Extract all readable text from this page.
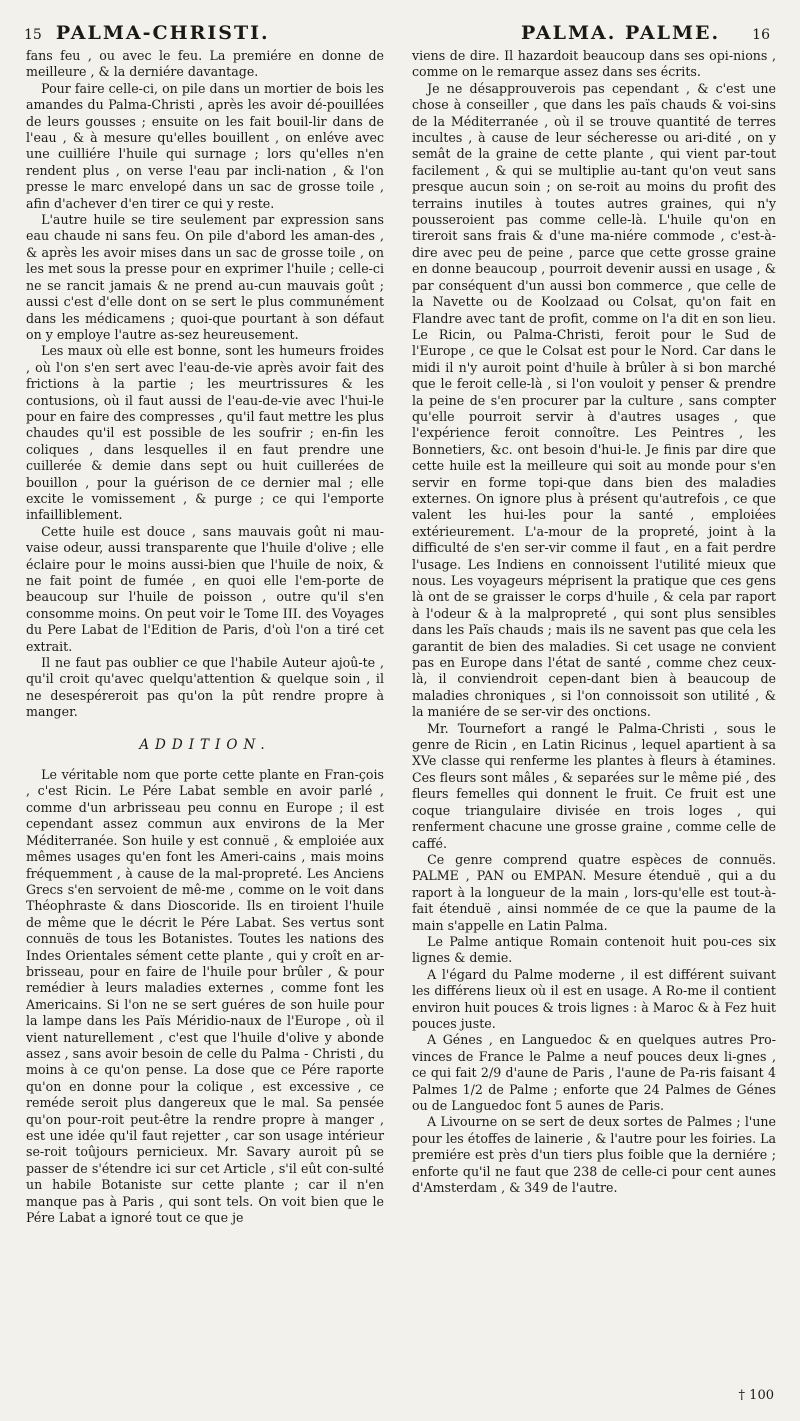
15 PALMA-CHRISTI.	PALMA. PALME. 16

fans feu , ou avec le feu. La premiére en donne de meilleure , & la derniére davantage.

Pour faire celle-ci, on pile dans un mortier de bois les amandes du Palma-Christi , après les avoir dé-pouillées de leurs gousses ; ensuite on les fait bouil-lir dans de l'eau , & à mesure qu'elles bouillent , on enléve avec une cuilliére l'huile qui surnage ; lors qu'elles n'en rendent plus , on verse l'eau par incli-nation , & l'on presse le marc envelopé dans un sac de grosse toile , afin d'achever d'en tirer ce qui y reste.

L'autre huile se tire seulement par expression sans eau chaude ni sans feu. On pile d'abord les aman-des , & après les avoir mises dans un sac de grosse toile , on les met sous la presse pour en exprimer l'huile ; celle-ci ne se rancit jamais & ne prend au-cun mauvais goût ; aussi c'est d'elle dont on se sert le plus communément dans les médicamens ; quoi-que pourtant à son défaut on y employe l'autre as-sez heureusement.

Les maux où elle est bonne, sont les humeurs froides , où l'on s'en sert avec l'eau-de-vie après avoir fait des frictions à la partie ; les meurtrissures & les contusions, où il faut aussi de l'eau-de-vie avec l'hui-le pour en faire des compresses , qu'il faut mettre les plus chaudes qu'il est possible de les soufrir ; en-fin les coliques , dans lesquelles il en faut prendre une cuillerée & demie dans sept ou huit cuillerées de bouillon , pour la guérison de ce dernier mal ; elle excite le vomissement , & purge ; ce qui l'emporte infailliblement.

Cette huile est douce , sans mauvais goût ni mau-vaise odeur, aussi transparente que l'huile d'olive ; elle éclaire pour le moins aussi-bien que l'huile de noix, & ne fait point de fumée , en quoi elle l'em-porte de beaucoup sur l'huile de poisson , outre qu'il s'en consomme moins. On peut voir le Tome III. des Voyages du Pere Labat de l'Edition de Paris, d'où l'on a tiré cet extrait.

Il ne faut pas oublier ce que l'habile Auteur ajoû-te , qu'il croit qu'avec quelqu'attention & quelque soin , il ne desespéreroit pas qu'on la pût rendre propre à manger.

ADDITION.

Le véritable nom que porte cette plante en Fran-çois , c'est Ricin. Le Pére Labat semble en avoir parlé , comme d'un arbrisseau peu connu en Europe ; il est cependant assez commun aux environs de la Mer Méditerranée. Son huile y est connuë , & emploiée aux mêmes usages qu'en font les Ameri-cains , mais moins fréquemment , à cause de la mal-propreté. Les Anciens Grecs s'en servoient de mê-me , comme on le voit dans Théophraste & dans Dioscoride. Ils en tiroient l'huile de même que le décrit le Pére Labat. Ses vertus sont connuës de tous les Botanistes. Toutes les nations des Indes Orientales sément cette plante , qui y croît en ar-brisseau, pour en faire de l'huile pour brûler , & pour remédier à leurs maladies externes , comme font les Americains. Si l'on ne se sert guéres de son huile pour la lampe dans les Païs Méridio-naux de l'Europe , où il vient naturellement , c'est que l'huile d'olive y abonde assez , sans avoir besoin de celle du Palma - Christi , du moins à ce qu'on pense. La dose que ce Pére raporte qu'on en donne pour la colique , est excessive , ce reméde seroit plus dangereux que le mal. Sa pensée qu'on pour-roit peut-être la rendre propre à manger , est une idée qu'il faut rejetter , car son usage intérieur se-roit toûjours pernicieux. Mr. Savary auroit pû se passer de s'étendre ici sur cet Article , s'il eût con-sulté un habile Botaniste sur cette plante ; car il n'en manque pas à Paris , qui sont tels. On voit bien que le Pére Labat a ignoré tout ce que je

viens de dire. Il hazardoit beaucoup dans ses opi-nions , comme on le remarque assez dans ses écrits.

Je ne désapprouverois pas cependant , & c'est une chose à conseiller , que dans les païs chauds & voi-sins de la Méditerranée , où il se trouve quantité de terres incultes , à cause de leur sécheresse ou ari-dité , on y semât de la graine de cette plante , qui vient par-tout facilement , & qui se multiplie au-tant qu'on veut sans presque aucun soin ; on se-roit au moins du profit des terrains inutiles à toutes autres graines, qui n'y pousseroient pas comme celle-là. L'huile qu'on en tireroit sans frais & d'une ma-niére commode , c'est-à-dire avec peu de peine , parce que cette grosse graine en donne beaucoup , pourroit devenir aussi en usage , & par conséquent d'un aussi bon commerce , que celle de la Navette ou de Koolzaad ou Colsat, qu'on fait en Flandre avec tant de profit, comme on l'a dit en son lieu. Le Ricin, ou Palma-Christi, feroit pour le Sud de l'Europe , ce que le Colsat est pour le Nord. Car dans le midi il n'y auroit point d'huile à brûler à si bon marché que le feroit celle-là , si l'on vouloit y penser & prendre la peine de s'en procurer par la culture , sans compter qu'elle pourroit servir à d'autres usages , que l'expérience feroit connoître. Les Peintres , les Bonnetiers, &c. ont besoin d'hui-le. Je finis par dire que cette huile est la meilleure qui soit au monde pour s'en servir en forme topi-que dans bien des maladies externes. On ignore plus à présent qu'autrefois , ce que valent les hui-les pour la santé , emploiées extérieurement. L'a-mour de la propreté, joint à la difficulté de s'en ser-vir comme il faut , en a fait perdre l'usage. Les Indiens en connoissent l'utilité mieux que nous. Les voyageurs méprisent la pratique que ces gens là ont de se graisser le corps d'huile , & cela par raport à l'odeur & à la malpropreté , qui sont plus sensibles dans les Païs chauds ; mais ils ne savent pas que cela les garantit de bien des maladies. Si cet usage ne convient pas en Europe dans l'état de santé , comme chez ceux-là, il conviendroit cepen-dant bien à beaucoup de maladies chroniques , si l'on connoissoit son utilité , & la maniére de se ser-vir des onctions.

Mr. Tournefort a rangé le Palma-Christi , sous le genre de Ricin , en Latin Ricinus , lequel apartient à sa XVe classe qui renferme les plantes à fleurs à étamines. Ces fleurs sont mâles , & separées sur le même pié , des fleurs femelles qui donnent le fruit. Ce fruit est une coque triangulaire divisée en trois loges , qui renferment chacune une grosse graine , comme celle de caffé.

Ce genre comprend quatre espèces de connuës. PALME , PAN ou EMPAN. Mesure étenduë , qui a du raport à la longueur de la main , lors-qu'elle est tout-à-fait étenduë , ainsi nommée de ce que la paume de la main s'appelle en Latin Palma.

Le Palme antique Romain contenoit huit pou-ces six lignes & demie.

A l'égard du Palme moderne , il est différent suivant les différens lieux où il est en usage. A Ro-me il contient environ huit pouces & trois lignes : à Maroc & à Fez huit pouces juste.

A Génes , en Languedoc & en quelques autres Pro-vinces de France le Palme a neuf pouces deux li-gnes , ce qui fait 2/9 d'aune de Paris , l'aune de Pa-ris faisant 4 Palmes 1/2 de Palme ; enforte que 24 Palmes de Génes ou de Languedoc font 5 aunes de Paris.

A Livourne on se sert de deux sortes de Palmes ; l'une pour les étoffes de lainerie , & l'autre pour les foiries. La premiére est près d'un tiers plus foible que la derniére ; enforte qu'il ne faut que 238 de celle-ci pour cent aunes d'Amsterdam , & 349 de l'autre.

† 100
